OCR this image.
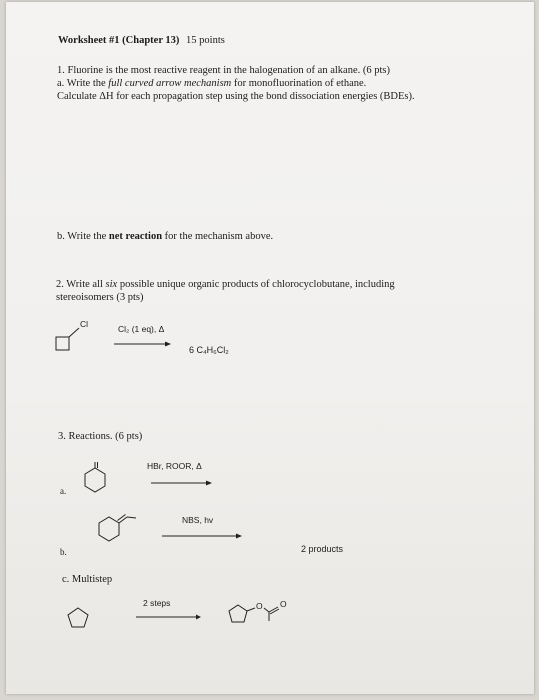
Worksheet #1 (Chapter 13) 15 points
1. Fluorine is the most reactive reagent in the halogenation of an alkane. (6 pts)
a. Write the full curved arrow mechanism for monofluorination of ethane.
Calculate ΔH for each propagation step using the bond dissociation energies (BDEs).
b. Write the net reaction for the mechanism above.
2. Write all six possible unique organic products of chlorocyclobutane, including
stereoisomers (3 pts)
Cl	Cl₂ (1 eq), Δ
6 C₄H₆Cl₂
3. Reactions. (6 pts)
a.
HBr, ROOR, Δ
NBS, hv
2 products
b.
c. Multistep
2 steps	O O
